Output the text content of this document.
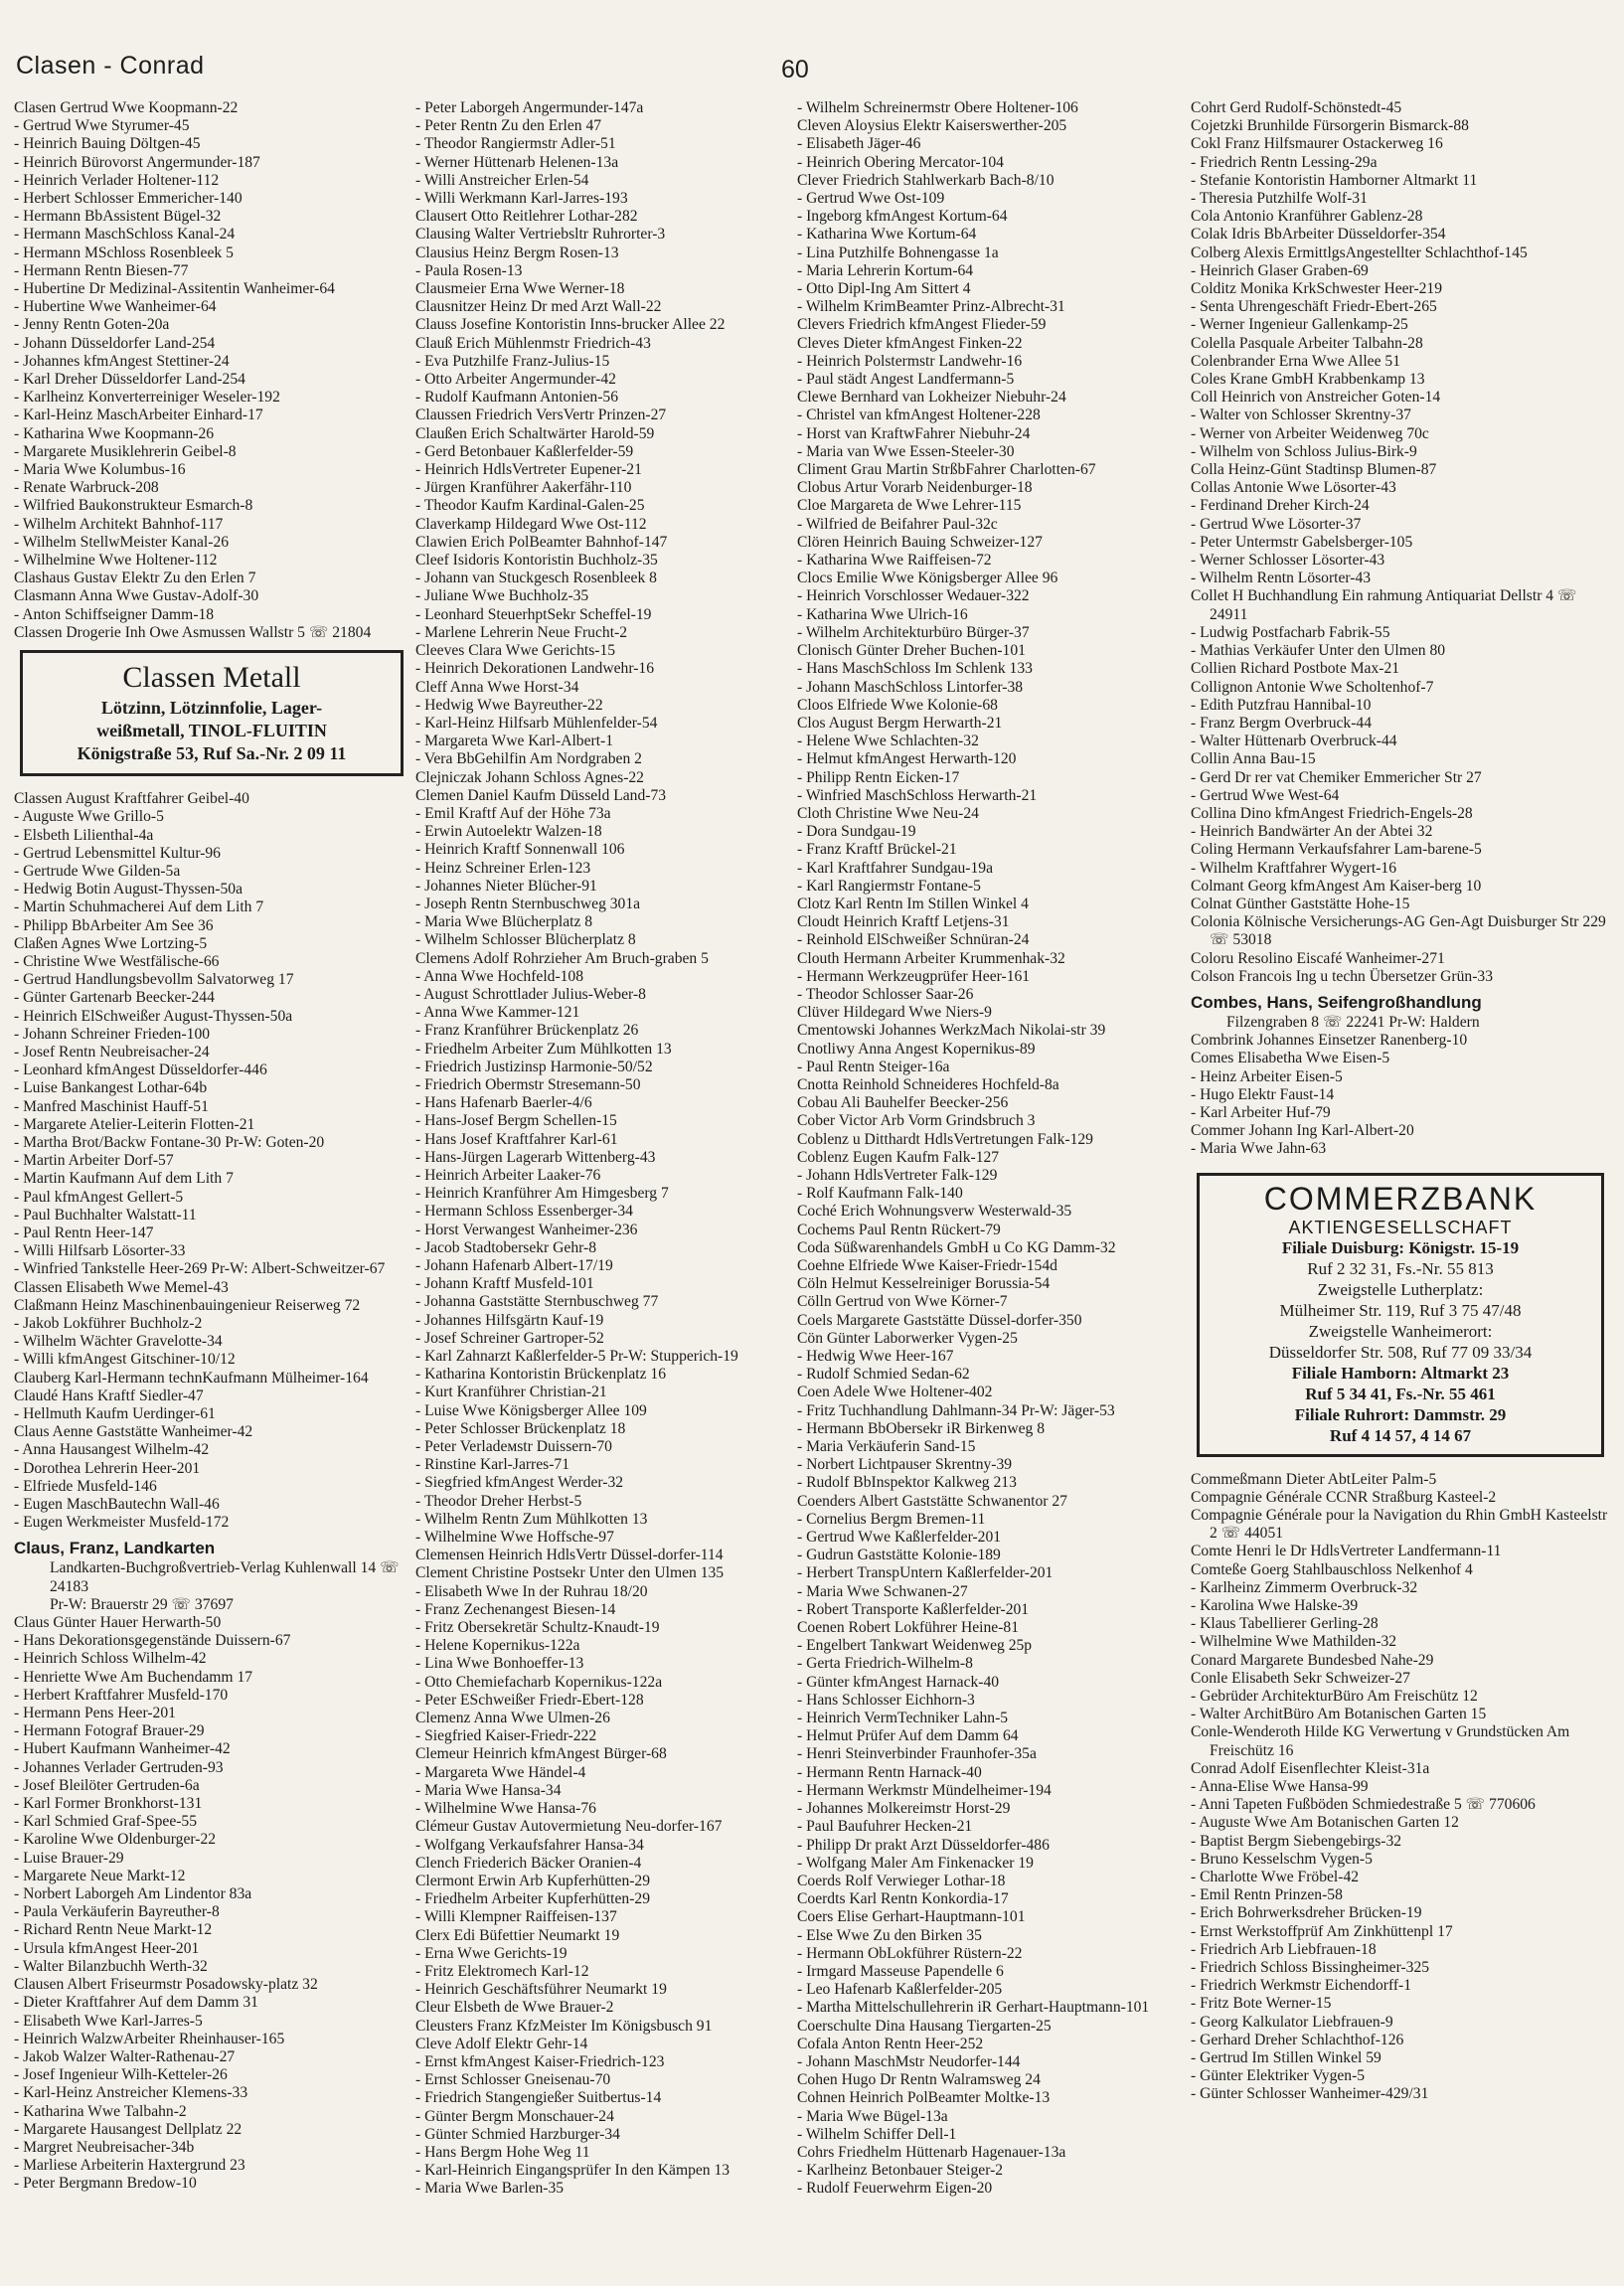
Clasen - Conrad	60
Clasen Gertrud Wwe Koopmann-22
- Gertrud Wwe Styrumer-45
- Heinrich Bauing Döltgen-45
- Heinrich Bürovorst Angermunder-187
- Heinrich Verlader Holtener-112
- Herbert Schlosser Emmericher-140
- Hermann BbAssistent Bügel-32
- Hermann MaschSchloss Kanal-24
- Hermann MSchloss Rosenbleek 5
- Hermann Rentn Biesen-77
- Hubertine Dr Medizinal-Assitentin Wanheimer-64
- Hubertine Wwe Wanheimer-64
- Jenny Rentn Goten-20a
- Johann Düsseldorfer Land-254
- Johannes kfmAngest Stettiner-24
- Karl Dreher Düsseldorfer Land-254
- Karlheinz Konverterreiniger Weseler-192
- Karl-Heinz MaschArbeiter Einhard-17
- Katharina Wwe Koopmann-26
- Margarete Musiklehrerin Geibel-8
- Maria Wwe Kolumbus-16
- Renate Warbruck-208
- Wilfried Baukonstrukteur Esmarch-8
- Wilhelm Architekt Bahnhof-117
- Wilhelm StellwMeister Kanal-26
- Wilhelmine Wwe Holtener-112
Clashaus Gustav Elektr Zu den Erlen 7
Clasmann Anna Wwe Gustav-Adolf-30
- Anton Schiffseigner Damm-18
Classen Drogerie Inh Owe Asmussen Wallstr 5 ☏ 21804
Classen Metall
Lötzinn, Lötzinnfolie, Lager-
weißmetall, TINOL-FLUITIN
Königstraße 53, Ruf Sa.-Nr. 2 09 11
Classen August Kraftfahrer Geibel-40
- Auguste Wwe Grillo-5
- Elsbeth Lilienthal-4a
- Gertrud Lebensmittel Kultur-96
- Gertrude Wwe Gilden-5a
- Hedwig Botin August-Thyssen-50a
- Martin Schuhmacherei Auf dem Lith 7
- Philipp BbArbeiter Am See 36
Claßen Agnes Wwe Lortzing-5
- Christine Wwe Westfälische-66
- Gertrud Handlungsbevollm Salvatorweg 17
- Günter Gartenarb Beecker-244
- Heinrich ElSchweißer August-Thyssen-50a
- Johann Schreiner Frieden-100
- Josef Rentn Neubreisacher-24
- Leonhard kfmAngest Düsseldorfer-446
- Luise Bankangest Lothar-64b
- Manfred Maschinist Hauff-51
- Margarete Atelier-Leiterin Flotten-21
- Martha Brot/Backw Fontane-30 Pr-W: Goten-20
- Martin Arbeiter Dorf-57
- Martin Kaufmann Auf dem Lith 7
- Paul kfmAngest Gellert-5
- Paul Buchhalter Walstatt-11
- Paul Rentn Heer-147
- Willi Hilfsarb Lösorter-33
- Winfried Tankstelle Heer-269 Pr-W: Albert-Schweitzer-67
Classen Elisabeth Wwe Memel-43
Claßmann Heinz Maschinenbauingenieur Reiserweg 72
- Jakob Lokführer Buchholz-2
- Wilhelm Wächter Gravelotte-34
- Willi kfmAngest Gitschiner-10/12
Clauberg Karl-Hermann technKaufmann Mülheimer-164
Claudé Hans Kraftf Siedler-47
- Hellmuth Kaufm Uerdinger-61
Claus Aenne Gaststätte Wanheimer-42
- Anna Hausangest Wilhelm-42
- Dorothea Lehrerin Heer-201
- Elfriede Musfeld-146
- Eugen MaschBautechn Wall-46
- Eugen Werkmeister Musfeld-172
Claus, Franz, Landkarten
Landkarten-Buchgroßvertrieb-Verlag Kuhlenwall 14 ☏ 24183
Pr-W: Brauerstr 29 ☏ 37697
Claus Günter Hauer Herwarth-50
- Hans Dekorationsgegenstände Duissern-67
- Heinrich Schloss Wilhelm-42
- Henriette Wwe Am Buchendamm 17
- Herbert Kraftfahrer Musfeld-170
- Hermann Pens Heer-201
- Hermann Fotograf Brauer-29
- Hubert Kaufmann Wanheimer-42
- Johannes Verlader Gertruden-93
- Josef Bleilöter Gertruden-6a
- Karl Former Bronkhorst-131
- Karl Schmied Graf-Spee-55
- Karoline Wwe Oldenburger-22
- Luise Brauer-29
- Margarete Neue Markt-12
- Norbert Laborgeh Am Lindentor 83a
- Paula Verkäuferin Bayreuther-8
- Richard Rentn Neue Markt-12
- Ursula kfmAngest Heer-201
- Walter Bilanzbuchh Werth-32
Clausen Albert Friseurmstr Posadowsky-platz 32
- Dieter Kraftfahrer Auf dem Damm 31
- Elisabeth Wwe Karl-Jarres-5
- Heinrich WalzwArbeiter Rheinhauser-165
- Jakob Walzer Walter-Rathenau-27
- Josef Ingenieur Wilh-Ketteler-26
- Karl-Heinz Anstreicher Klemens-33
- Katharina Wwe Talbahn-2
- Margarete Hausangest Dellplatz 22
- Margret Neubreisacher-34b
- Marliese Arbeiterin Haxtergrund 23
- Peter Bergmann Bredow-10
- Peter Laborgeh Angermunder-147a
- Peter Rentn Zu den Erlen 47
- Theodor Rangiermstr Adler-51
- Werner Hüttenarb Helenen-13a
- Willi Anstreicher Erlen-54
- Willi Werkmann Karl-Jarres-193
Clausert Otto Reitlehrer Lothar-282
Clausing Walter Vertriebsltr Ruhrorter-3
Clausius Heinz Bergm Rosen-13
- Paula Rosen-13
Clausmeier Erna Wwe Werner-18
Clausnitzer Heinz Dr med Arzt Wall-22
Clauss Josefine Kontoristin Inns-brucker Allee 22
Clauß Erich Mühlenmstr Friedrich-43
- Eva Putzhilfe Franz-Julius-15
- Otto Arbeiter Angermunder-42
- Rudolf Kaufmann Antonien-56
Claussen Friedrich VersVertr Prinzen-27
Claußen Erich Schaltwärter Harold-59
- Gerd Betonbauer Kaßlerfelder-59
- Heinrich HdlsVertreter Eupener-21
- Jürgen Kranführer Aakerfähr-110
- Theodor Kaufm Kardinal-Galen-25
Claverkamp Hildegard Wwe Ost-112
Clawien Erich PolBeamter Bahnhof-147
Cleef Isidoris Kontoristin Buchholz-35
- Johann van Stuckgesch Rosenbleek 8
- Juliane Wwe Buchholz-35
- Leonhard SteuerhptSekr Scheffel-19
- Marlene Lehrerin Neue Frucht-2
Cleeves Clara Wwe Gerichts-15
- Heinrich Dekorationen Landwehr-16
Cleff Anna Wwe Horst-34
- Hedwig Wwe Bayreuther-22
- Karl-Heinz Hilfsarb Mühlenfelder-54
- Margareta Wwe Karl-Albert-1
- Vera BbGehilfin Am Nordgraben 2
Clejniczak Johann Schloss Agnes-22
Clemen Daniel Kaufm Düsseld Land-73
- Emil Kraftf Auf der Höhe 73a
- Erwin Autoelektr Walzen-18
- Heinrich Kraftf Sonnenwall 106
- Heinz Schreiner Erlen-123
- Johannes Nieter Blücher-91
- Joseph Rentn Sternbuschweg 301a
- Maria Wwe Blücherplatz 8
- Wilhelm Schlosser Blücherplatz 8
Clemens Adolf Rohrzieher Am Bruch-graben 5
- Anna Wwe Hochfeld-108
- August Schrottlader Julius-Weber-8
- Anna Wwe Kammer-121
- Franz Kranführer Brückenplatz 26
- Friedhelm Arbeiter Zum Mühlkotten 13
- Friedrich Justizinsp Harmonie-50/52
- Friedrich Obermstr Stresemann-50
- Hans Hafenarb Baerler-4/6
- Hans-Josef Bergm Schellen-15
- Hans Josef Kraftfahrer Karl-61
- Hans-Jürgen Lagerarb Wittenberg-43
- Heinrich Arbeiter Laaker-76
- Heinrich Kranführer Am Himgesberg 7
- Hermann Schloss Essenberger-34
- Horst Verwangest Wanheimer-236
- Jacob Stadtobersekr Gehr-8
- Johann Hafenarb Albert-17/19
- Johann Kraftf Musfeld-101
- Johanna Gaststätte Sternbuschweg 77
- Johannes Hilfsgärtn Kauf-19
- Josef Schreiner Gartroper-52
- Karl Zahnarzt Kaßlerfelder-5 Pr-W: Stupperich-19
- Katharina Kontoristin Brückenplatz 16
- Kurt Kranführer Christian-21
- Luise Wwe Königsberger Allee 109
- Peter Schlosser Brückenplatz 18
- Peter Verladeмstr Duissern-70
- Rinstine Karl-Jarres-71
- Siegfried kfmAngest Werder-32
- Theodor Dreher Herbst-5
- Wilhelm Rentn Zum Mühlkotten 13
- Wilhelmine Wwe Hoffsche-97
Clemensen Heinrich HdlsVertr Düssel-dorfer-114
Clement Christine Postsekr Unter den Ulmen 135
- Elisabeth Wwe In der Ruhrau 18/20
- Franz Zechenangest Biesen-14
- Fritz Obersekretär Schultz-Knaudt-19
- Helene Kopernikus-122a
- Lina Wwe Bonhoeffer-13
- Otto Chemiefacharb Kopernikus-122a
- Peter ESchweißer Friedr-Ebert-128
Clemenz Anna Wwe Ulmen-26
- Siegfried Kaiser-Friedr-222
Clemeur Heinrich kfmAngest Bürger-68
- Margareta Wwe Händel-4
- Maria Wwe Hansa-34
- Wilhelmine Wwe Hansa-76
Clémeur Gustav Autovermietung Neu-dorfer-167
- Wolfgang Verkaufsfahrer Hansa-34
Clench Friederich Bäcker Oranien-4
Clermont Erwin Arb Kupferhütten-29
- Friedhelm Arbeiter Kupferhütten-29
- Willi Klempner Raiffeisen-137
Clerx Edi Büfettier Neumarkt 19
- Erna Wwe Gerichts-19
- Fritz Elektromech Karl-12
- Heinrich Geschäftsführer Neumarkt 19
Cleur Elsbeth de Wwe Brauer-2
Cleusters Franz KfzMeister Im Königsbusch 91
Cleve Adolf Elektr Gehr-14
- Ernst kfmAngest Kaiser-Friedrich-123
- Ernst Schlosser Gneisenau-70
- Friedrich Stangengießer Suitbertus-14
- Günter Bergm Monschauer-24
- Günter Schmied Harzburger-34
- Hans Bergm Hohe Weg 11
- Karl-Heinrich Eingangsprüfer In den Kämpen 13
- Maria Wwe Barlen-35
- Wilhelm Schreinermstr Obere Holtener-106
Cleven Aloysius Elektr Kaiserswerther-205
- Elisabeth Jäger-46
- Heinrich Obering Mercator-104
Clever Friedrich Stahlwerkarb Bach-8/10
- Gertrud Wwe Ost-109
- Ingeborg kfmAngest Kortum-64
- Katharina Wwe Kortum-64
- Lina Putzhilfe Bohnengasse 1a
- Maria Lehrerin Kortum-64
- Otto Dipl-Ing Am Sittert 4
- Wilhelm KrimBeamter Prinz-Albrecht-31
Clevers Friedrich kfmAngest Flieder-59
Cleves Dieter kfmAngest Finken-22
- Heinrich Polstermstr Landwehr-16
- Paul städt Angest Landfermann-5
Clewe Bernhard van Lokheizer Niebuhr-24
- Christel van kfmAngest Holtener-228
- Horst van KraftwFahrer Niebuhr-24
- Maria van Wwe Essen-Steeler-30
Climent Grau Martin StrßbFahrer Charlotten-67
Clobus Artur Vorarb Neidenburger-18
Cloe Margareta de Wwe Lehrer-115
- Wilfried de Beifahrer Paul-32c
Clören Heinrich Bauing Schweizer-127
- Katharina Wwe Raiffeisen-72
Clocs Emilie Wwe Königsberger Allee 96
- Heinrich Vorschlosser Wedauer-322
- Katharina Wwe Ulrich-16
- Wilhelm Architekturbüro Bürger-37
Clonisch Günter Dreher Buchen-101
- Hans MaschSchloss Im Schlenk 133
- Johann MaschSchloss Lintorfer-38
Cloos Elfriede Wwe Kolonie-68
Clos August Bergm Herwarth-21
- Helene Wwe Schlachten-32
- Helmut kfmAngest Herwarth-120
- Philipp Rentn Eicken-17
- Winfried MaschSchloss Herwarth-21
Cloth Christine Wwe Neu-24
- Dora Sundgau-19
- Franz Kraftf Brückel-21
- Karl Kraftfahrer Sundgau-19a
- Karl Rangiermstr Fontane-5
Clotz Karl Rentn Im Stillen Winkel 4
Cloudt Heinrich Kraftf Letjens-31
- Reinhold ElSchweißer Schnüran-24
Clouth Hermann Arbeiter Krummenhak-32
- Hermann Werkzeugprüfer Heer-161
- Theodor Schlosser Saar-26
Clüver Hildegard Wwe Niers-9
Cmentowski Johannes WerkzMach Nikolai-str 39
Cnotliwy Anna Angest Kopernikus-89
- Paul Rentn Steiger-16a
Cnotta Reinhold Schneideres Hochfeld-8a
Cobau Ali Bauhelfer Beecker-256
Cober Victor Arb Vorm Grindsbruch 3
Coblenz u Ditthardt HdlsVertretungen Falk-129
Coblenz Eugen Kaufm Falk-127
- Johann HdlsVertreter Falk-129
- Rolf Kaufmann Falk-140
Coché Erich Wohnungsverw Westerwald-35
Cochems Paul Rentn Rückert-79
Coda Süßwarenhandels GmbH u Co KG Damm-32
Coehne Elfriede Wwe Kaiser-Friedr-154d
Cöln Helmut Kesselreiniger Borussia-54
Cölln Gertrud von Wwe Körner-7
Coels Margarete Gaststätte Düssel-dorfer-350
Cön Günter Laborwerker Vygen-25
- Hedwig Wwe Heer-167
- Rudolf Schmied Sedan-62
Coen Adele Wwe Holtener-402
- Fritz Tuchhandlung Dahlmann-34 Pr-W: Jäger-53
- Hermann BbObersekr iR Birkenweg 8
- Maria Verkäuferin Sand-15
- Norbert Lichtpauser Skrentny-39
- Rudolf BbInspektor Kalkweg 213
Coenders Albert Gaststätte Schwanentor 27
- Cornelius Bergm Bremen-11
- Gertrud Wwe Kaßlerfelder-201
- Gudrun Gaststätte Kolonie-189
- Herbert TranspUntern Kaßlerfelder-201
- Maria Wwe Schwanen-27
- Robert Transporte Kaßlerfelder-201
Coenen Robert Lokführer Heine-81
- Engelbert Tankwart Weidenweg 25p
- Gerta Friedrich-Wilhelm-8
- Günter kfmAngest Harnack-40
- Hans Schlosser Eichhorn-3
- Heinrich VermTechniker Lahn-5
- Helmut Prüfer Auf dem Damm 64
- Henri Steinverbinder Fraunhofer-35a
- Hermann Rentn Harnack-40
- Hermann Werkmstr Mündelheimer-194
- Johannes Molkereimstr Horst-29
- Paul Baufuhrer Hecken-21
- Philipp Dr prakt Arzt Düsseldorfer-486
- Wolfgang Maler Am Finkenacker 19
Coerds Rolf Verwieger Lothar-18
Coerdts Karl Rentn Konkordia-17
Coers Elise Gerhart-Hauptmann-101
- Else Wwe Zu den Birken 35
- Hermann ObLokführer Rüstern-22
- Irmgard Masseuse Papendelle 6
- Leo Hafenarb Kaßlerfelder-205
- Martha Mittelschullehrerin iR Gerhart-Hauptmann-101
Coerschulte Dina Hausang Tiergarten-25
Cofala Anton Rentn Heer-252
- Johann MaschMstr Neudorfer-144
Cohen Hugo Dr Rentn Walramsweg 24
Cohnen Heinrich PolBeamter Moltke-13
- Maria Wwe Bügel-13a
- Wilhelm Schiffer Dell-1
Cohrs Friedhelm Hüttenarb Hagenauer-13a
- Karlheinz Betonbauer Steiger-2
- Rudolf Feuerwehrm Eigen-20
Cohrt Gerd Rudolf-Schönstedt-45
Cojetzki Brunhilde Fürsorgerin Bismarck-88
Cokl Franz Hilfsmaurer Ostackerweg 16
- Friedrich Rentn Lessing-29a
- Stefanie Kontoristin Hamborner Altmarkt 11
- Theresia Putzhilfe Wolf-31
Cola Antonio Kranführer Gablenz-28
Colak Idris BbArbeiter Düsseldorfer-354
Colberg Alexis ErmittlgsAngestellter Schlachthof-145
- Heinrich Glaser Graben-69
Colditz Monika KrkSchwester Heer-219
- Senta Uhrengeschäft Friedr-Ebert-265
- Werner Ingenieur Gallenkamp-25
Colella Pasquale Arbeiter Talbahn-28
Colenbrander Erna Wwe Allee 51
Coles Krane GmbH Krabbenkamp 13
Coll Heinrich von Anstreicher Goten-14
- Walter von Schlosser Skrentny-37
- Werner von Arbeiter Weidenweg 70c
- Wilhelm von Schloss Julius-Birk-9
Colla Heinz-Günt Stadtinsp Blumen-87
Collas Antonie Wwe Lösorter-43
- Ferdinand Dreher Kirch-24
- Gertrud Wwe Lösorter-37
- Peter Untermstr Gabelsberger-105
- Werner Schlosser Lösorter-43
- Wilhelm Rentn Lösorter-43
Collet H Buchhandlung Ein rahmung Antiquariat Dellstr 4 ☏ 24911
- Ludwig Postfacharb Fabrik-55
- Mathias Verkäufer Unter den Ulmen 80
Collien Richard Postbote Max-21
Collignon Antonie Wwe Scholtenhof-7
- Edith Putzfrau Hannibal-10
- Franz Bergm Overbruck-44
- Walter Hüttenarb Overbruck-44
Collin Anna Bau-15
- Gerd Dr rer vat Chemiker Emmericher Str 27
- Gertrud Wwe West-64
Collina Dino kfmAngest Friedrich-Engels-28
- Heinrich Bandwärter An der Abtei 32
Coling Hermann Verkaufsfahrer Lam-barene-5
- Wilhelm Kraftfahrer Wygert-16
Colmant Georg kfmAngest Am Kaiser-berg 10
Colnat Günther Gaststätte Hohe-15
Colonia Kölnische Versicherungs-AG Gen-Agt Duisburger Str 229 ☏ 53018
Coloru Resolino Eiscafé Wanheimer-271
Colson Francois Ing u techn Übersetzer Grün-33
Combes, Hans, Seifengroßhandlung
Filzengraben 8 ☏ 22241 Pr-W: Haldern
Combrink Johannes Einsetzer Ranenberg-10
Comes Elisabetha Wwe Eisen-5
- Heinz Arbeiter Eisen-5
- Hugo Elektr Faust-14
- Karl Arbeiter Huf-79
Commer Johann Ing Karl-Albert-20
- Maria Wwe Jahn-63
COMMERZBANK
AKTIENGESELLSCHAFT
Filiale Duisburg: Königstr. 15-19
Ruf 2 32 31, Fs.-Nr. 55 813
Zweigstelle Lutherplatz:
Mülheimer Str. 119, Ruf 3 75 47/48
Zweigstelle Wanheimerort:
Düsseldorfer Str. 508, Ruf 77 09 33/34
Filiale Hamborn: Altmarkt 23
Ruf 5 34 41, Fs.-Nr. 55 461
Filiale Ruhrort: Dammstr. 29
Ruf 4 14 57, 4 14 67
Commeßmann Dieter AbtLeiter Palm-5
Compagnie Générale CCNR Straßburg Kasteel-2
Compagnie Générale pour la Navigation du Rhin GmbH Kasteelstr 2 ☏ 44051
Comte Henri le Dr HdlsVertreter Landfermann-11
Comteße Goerg Stahlbauschloss Nelkenhof 4
- Karlheinz Zimmerm Overbruck-32
- Karolina Wwe Halske-39
- Klaus Tabellierer Gerling-28
- Wilhelmine Wwe Mathilden-32
Conard Margarete Bundesbed Nahe-29
Conle Elisabeth Sekr Schweizer-27
- Gebrüder ArchitekturBüro Am Freischütz 12
- Walter ArchitBüro Am Botanischen Garten 15
Conle-Wenderoth Hilde KG Verwertung v Grundstücken Am Freischütz 16
Conrad Adolf Eisenflechter Kleist-31a
- Anna-Elise Wwe Hansa-99
- Anni Tapeten Fußböden Schmiedestraße 5 ☏ 770606
- Auguste Wwe Am Botanischen Garten 12
- Baptist Bergm Siebengebirgs-32
- Bruno Kesselschm Vygen-5
- Charlotte Wwe Fröbel-42
- Emil Rentn Prinzen-58
- Erich Bohrwerksdreher Brücken-19
- Ernst Werkstoffprüf Am Zinkhüttenpl 17
- Friedrich Arb Liebfrauen-18
- Friedrich Schloss Bissingheimer-325
- Friedrich Werkmstr Eichendorff-1
- Fritz Bote Werner-15
- Georg Kalkulator Liebfrauen-9
- Gerhard Dreher Schlachthof-126
- Gertrud Im Stillen Winkel 59
- Günter Elektriker Vygen-5
- Günter Schlosser Wanheimer-429/31
